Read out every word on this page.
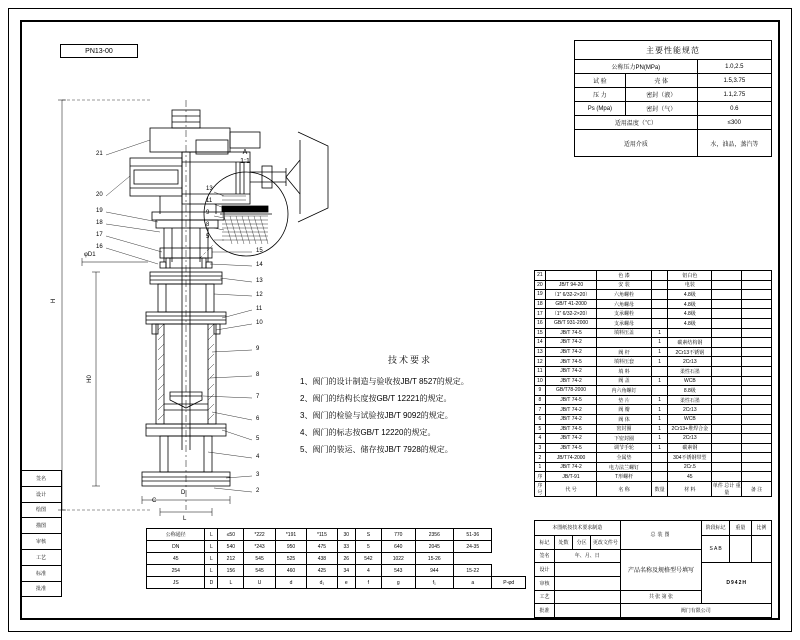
签名
设计
绘图
描图
审核
工艺
标准
批准
PN13-00
H
H0
φD1
D
L
C
A
1:1
21
20
19
18
17
16
15
14
13
12
11
10
9
8
7
6
5
4
3
2
13
11
9
8
5
主要性能规范		
公称压力PN(MPa)		1.0,2.5
试 验	壳 体	1.5,3.75
压 力	密封（液）	1.1,2.75
Ps (Mpa)	密封（气）	0.6
适用温度（℃）		≤300
适用介质		水，油品，蒸汽等
技术要求

1、阀门的设计制造与验收按JB/T 8527的规定。

2、阀门的结构长度按GB/T 12221的规定。

3、阀门的检验与试验按JB/T 9092的规定。

4、阀门的标志按GB/T 12220的规定。

5、阀门的装运、储存按JB/T 7928的规定。

21		色 漆		铝白色		
20	JB/T 94-20	安 装		电装		
19	（1″ 6/32-2×20）	六角螺栓		4.8级		
18	GB/T 41-2000	六角螺母		4.8级		
17	（1″ 6/32-2×20）	支承螺栓		4.8级		
16	GB/T 931-2000	支承螺母		4.8级		
15	JB/T 74-5	填料压盖	1			
14	JB/T 74-2		1	碳素结构钢		
13	JB/T 74-2	阀 杆	1	2Cr13不锈钢		
12	JB/T 74-5	填料压套	1	2Cr13		
11	JB/T 74-2	填 料		柔性石墨		
10	JB/T 74-2	阀 盖	1	WCB		
9	GB/T78-2000	内六角螺钉		8.8级		
8	JB/T 74-5	垫 片	1	柔性石墨		
7	JB/T 74-2	阀 瓣	1	2Cr13		
6	JB/T 74-2	阀 体	1	WCB		
5	JB/T 74-5	密封圈	1	2Cr13+堆焊合金		
4	JB/T 74-2	下密封圈	1	2Cr13		
3	JB/T 74-5	调节手轮	1	碳素钢		
2	JB/T74-2000	全属垫		304不锈钢带型		
1	JB/T 74-2	电力法兰螺钉		2Cr.5		
序	JB/T-91	T形螺杆		45		
序号	代 号	名 称	数量	材 料	单件 总计 重 量	备 注
公称通径	L	≤50	*222	*191	*115	30	S	770	2356	51-36	
DN	L	540	*243	950	475	33	5	640	2045	24-35	
45	L	212	545	525	438	26	542	1022	15-26		
254	L	156	545	460	425	34	4	543	944	15-22	
JS	D	L	U	d	d₁	e	f	g	f₁	a	P-φd
本图纸按技术要求制造				总装图	阶段标记	重量	比例
标记	处数	分区	更改文件号		S A B		
签名	年、月、日			产品名称及规格型号填写			
设计					D942H		
审核							
工艺				共 张 第 张			
批准				阀门有限公司			
